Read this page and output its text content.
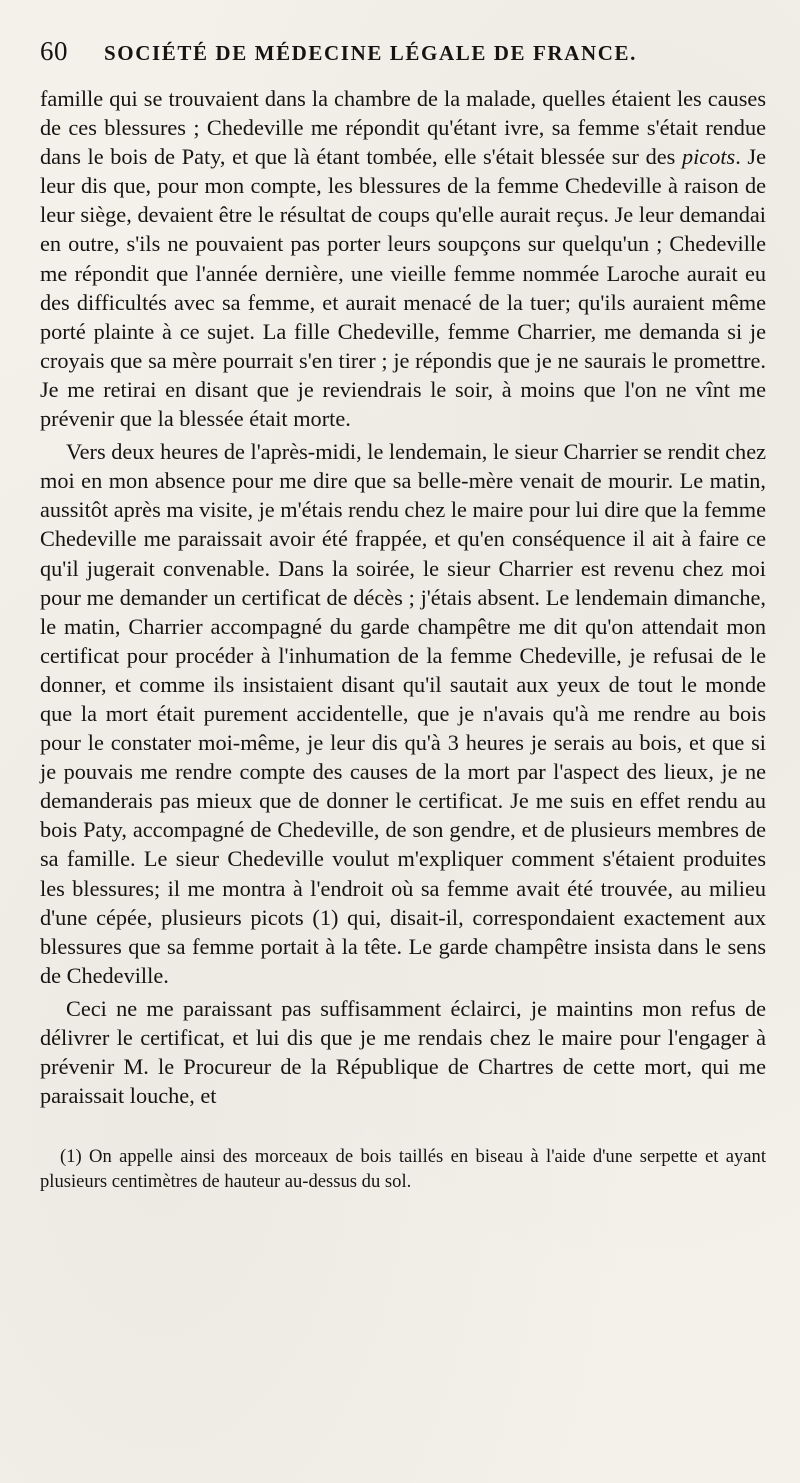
60	SOCIÉTÉ DE MÉDECINE LÉGALE DE FRANCE.

famille qui se trouvaient dans la chambre de la malade, quelles étaient les causes de ces blessures ; Chedeville me répondit qu'étant ivre, sa femme s'était rendue dans le bois de Paty, et que là étant tombée, elle s'était blessée sur des picots. Je leur dis que, pour mon compte, les blessures de la femme Chedeville à raison de leur siège, devaient être le résultat de coups qu'elle aurait reçus. Je leur demandai en outre, s'ils ne pouvaient pas porter leurs soupçons sur quelqu'un ; Chedeville me répondit que l'année dernière, une vieille femme nommée Laroche aurait eu des difficultés avec sa femme, et aurait menacé de la tuer; qu'ils auraient même porté plainte à ce sujet. La fille Chedeville, femme Charrier, me demanda si je croyais que sa mère pourrait s'en tirer ; je répondis que je ne saurais le promettre. Je me retirai en disant que je reviendrais le soir, à moins que l'on ne vînt me prévenir que la blessée était morte.

Vers deux heures de l'après-midi, le lendemain, le sieur Charrier se rendit chez moi en mon absence pour me dire que sa belle-mère venait de mourir. Le matin, aussitôt après ma visite, je m'étais rendu chez le maire pour lui dire que la femme Chedeville me paraissait avoir été frappée, et qu'en conséquence il ait à faire ce qu'il jugerait convenable. Dans la soirée, le sieur Charrier est revenu chez moi pour me demander un certificat de décès ; j'étais absent. Le lendemain dimanche, le matin, Charrier accompagné du garde champêtre me dit qu'on attendait mon certificat pour procéder à l'inhumation de la femme Chedeville, je refusai de le donner, et comme ils insistaient disant qu'il sautait aux yeux de tout le monde que la mort était purement accidentelle, que je n'avais qu'à me rendre au bois pour le constater moi-même, je leur dis qu'à 3 heures je serais au bois, et que si je pouvais me rendre compte des causes de la mort par l'aspect des lieux, je ne demanderais pas mieux que de donner le certificat. Je me suis en effet rendu au bois Paty, accompagné de Chedeville, de son gendre, et de plusieurs membres de sa famille. Le sieur Chedeville voulut m'expliquer comment s'étaient produites les blessures; il me montra à l'endroit où sa femme avait été trouvée, au milieu d'une cépée, plusieurs picots (1) qui, disait-il, correspondaient exactement aux blessures que sa femme portait à la tête. Le garde champêtre insista dans le sens de Chedeville.

Ceci ne me paraissant pas suffisamment éclairci, je maintins mon refus de délivrer le certificat, et lui dis que je me rendais chez le maire pour l'engager à prévenir M. le Procureur de la République de Chartres de cette mort, qui me paraissait louche, et

(1) On appelle ainsi des morceaux de bois taillés en biseau à l'aide d'une serpette et ayant plusieurs centimètres de hauteur au-dessus du sol.
